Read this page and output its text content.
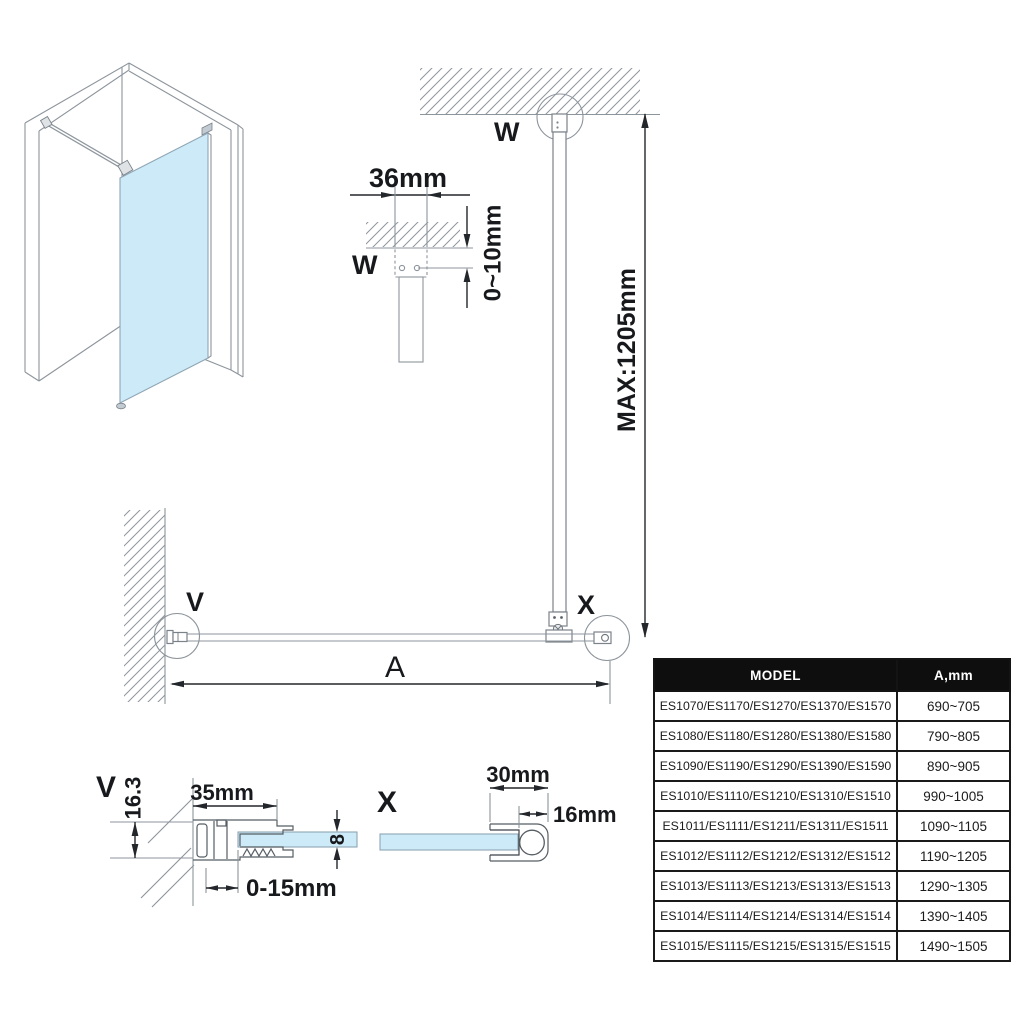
36mm
0~10mm
W
W
V	X
MAX:1205mm
A
V 16.3 35mm
8
0-15mm
X
30mm
16mm
MODEL	A,mm
ES1070/ES1170/ES1270/ES1370/ES1570	690~705
ES1080/ES1180/ES1280/ES1380/ES1580	790~805
ES1090/ES1190/ES1290/ES1390/ES1590	890~905
ES1010/ES1110/ES1210/ES1310/ES1510	990~1005
ES1011/ES1111/ES1211/ES1311/ES1511	1090~1105
ES1012/ES1112/ES1212/ES1312/ES1512	1190~1205
ES1013/ES1113/ES1213/ES1313/ES1513	1290~1305
ES1014/ES1114/ES1214/ES1314/ES1514	1390~1405
ES1015/ES1115/ES1215/ES1315/ES1515	1490~1505
